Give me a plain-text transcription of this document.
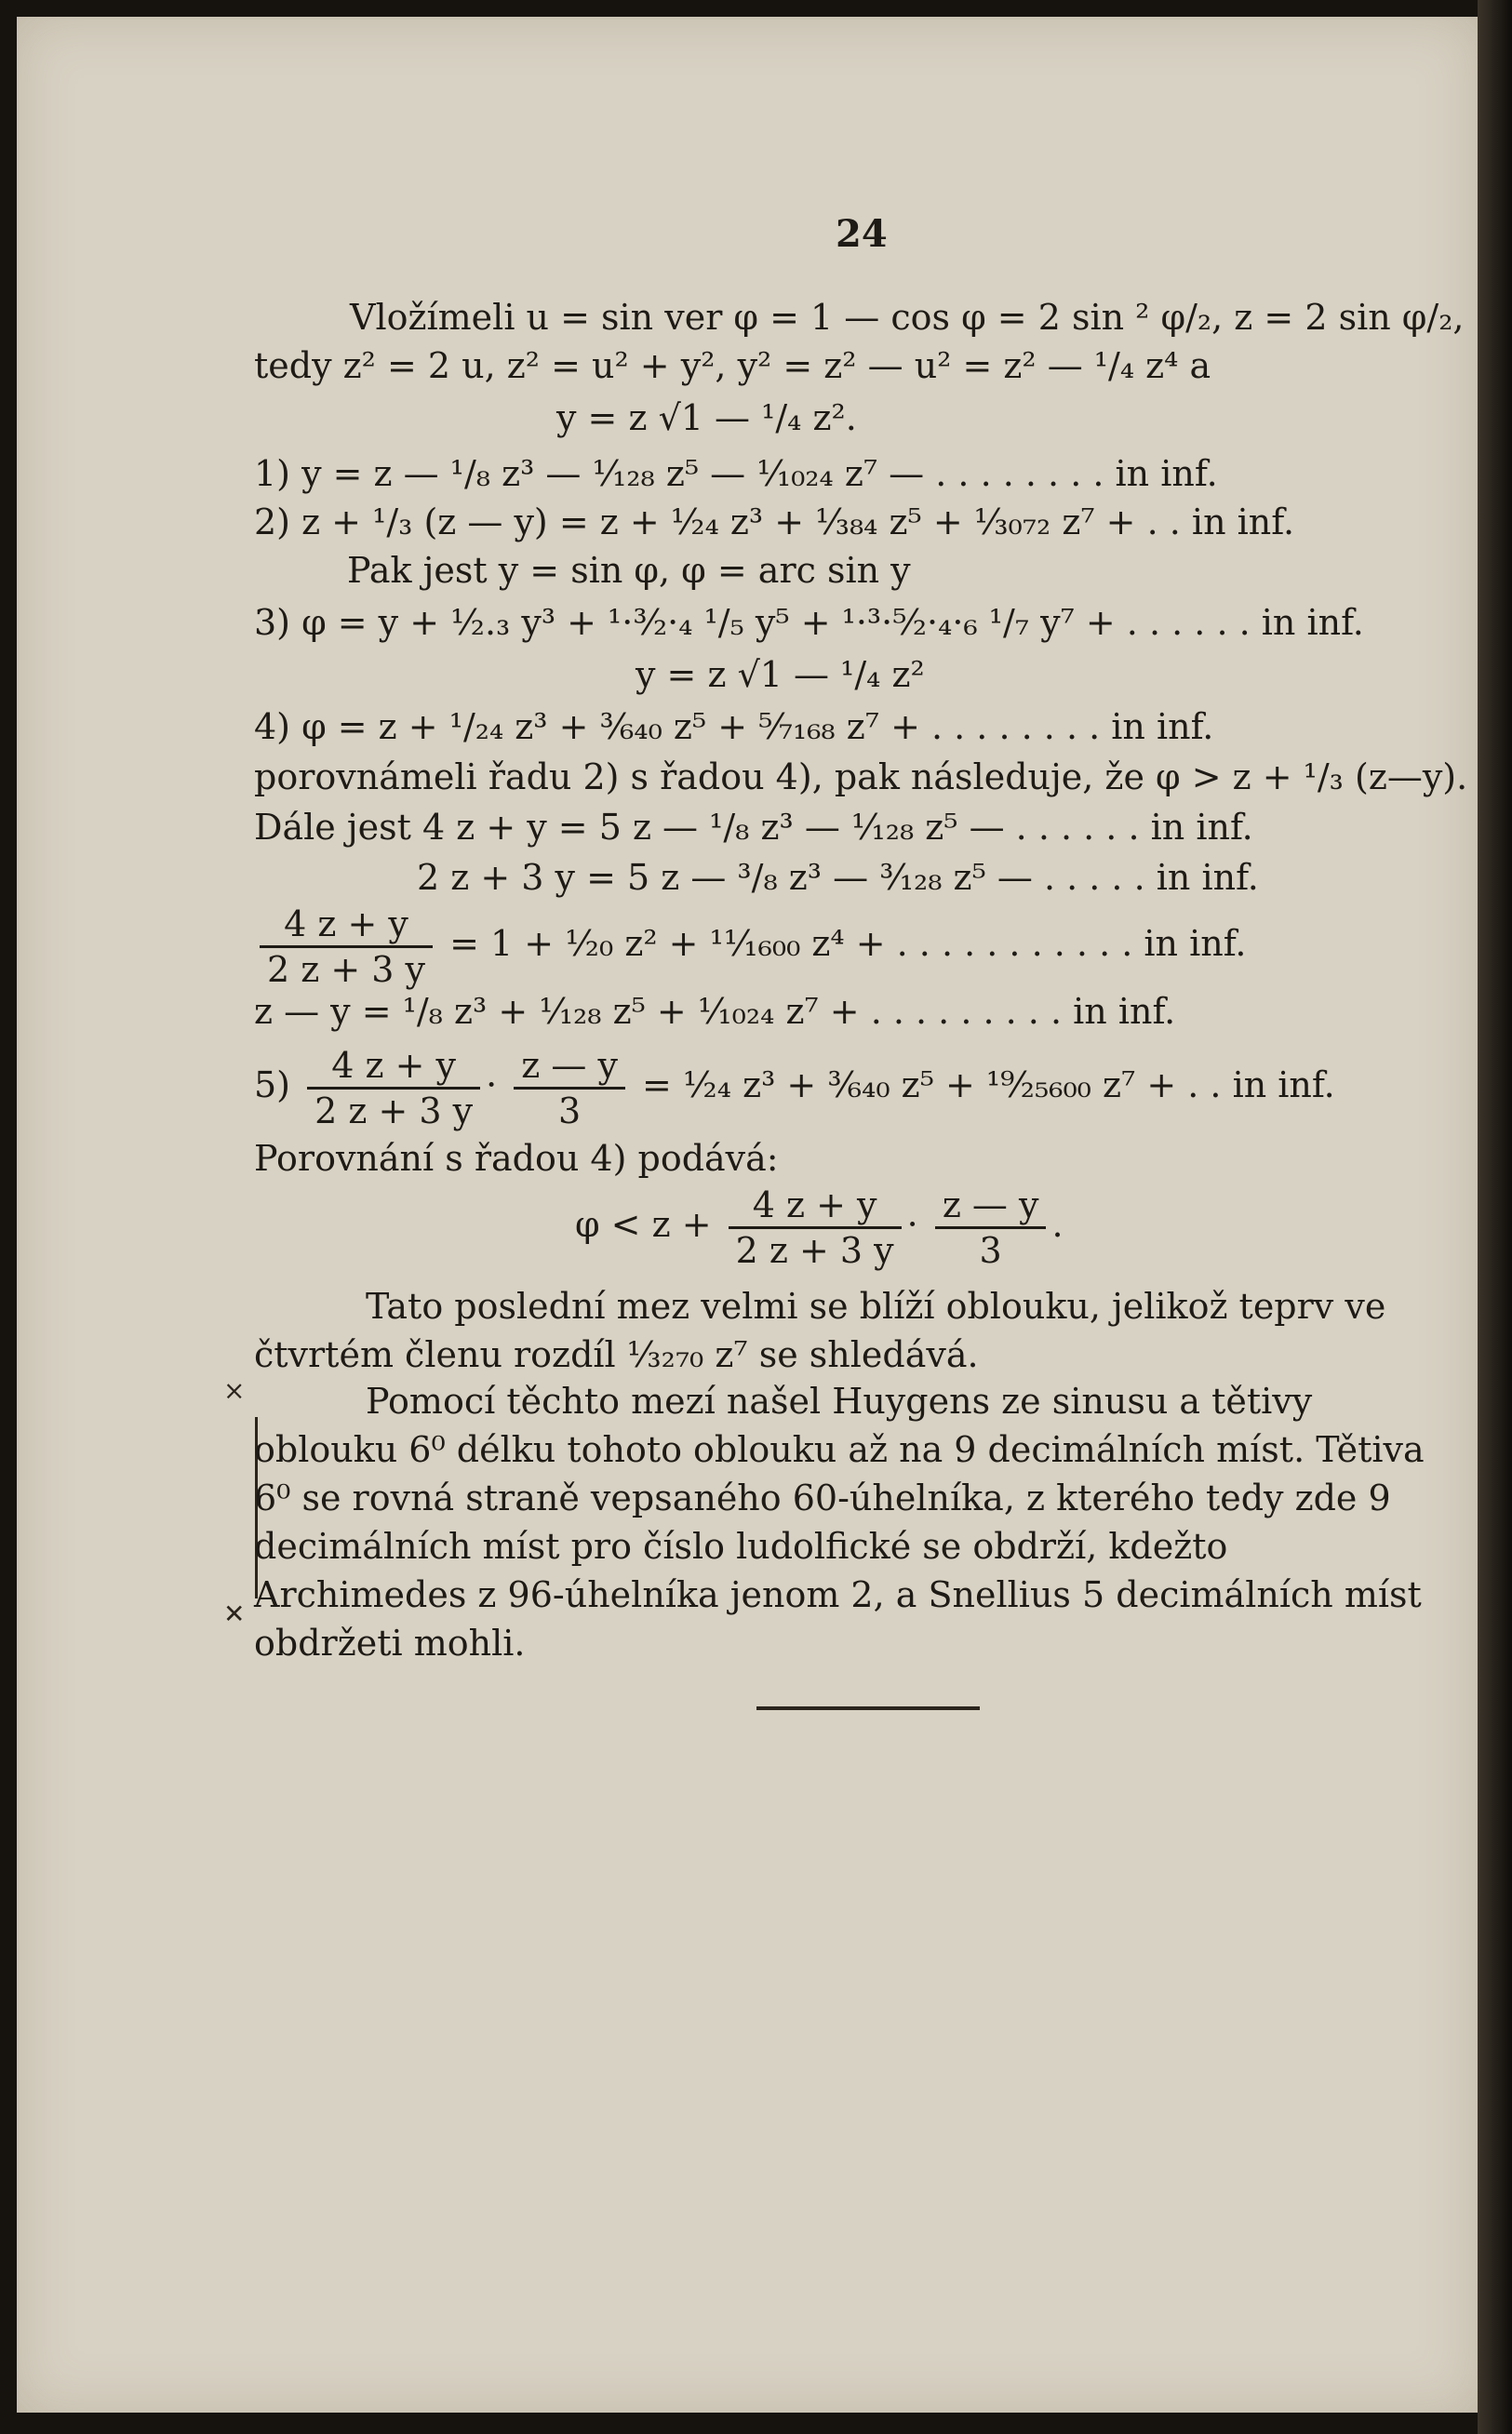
24
Vložímeli u = sin ver φ = 1 — cos φ = 2 sin ² φ/₂, z = 2 sin φ/₂,
tedy z² = 2 u, z² = u² + y², y² = z² — u² = z² — ¹/₄ z⁴ a
y = z √1 — ¹/₄ z².
1) y = z — ¹/₈ z³ — ¹⁄₁₂₈ z⁵ — ¹⁄₁₀₂₄ z⁷ — . . . . . . . . in inf.
2) z + ¹/₃ (z — y) = z + ¹⁄₂₄ z³ + ¹⁄₃₈₄ z⁵ + ¹⁄₃₀₇₂ z⁷ + . . in inf.
Pak jest y = sin φ, φ = arc sin y
3) φ = y + ¹⁄₂.₃ y³ + ¹·³⁄₂·₄ ¹/₅ y⁵ + ¹·³·⁵⁄₂·₄·₆ ¹/₇ y⁷ + . . . . . . in inf.
y = z √1 — ¹/₄ z²
4) φ = z + ¹/₂₄ z³ + ³⁄₆₄₀ z⁵ + ⁵⁄₇₁₆₈ z⁷ + . . . . . . . . in inf.
porovnámeli řadu 2) s řadou 4), pak následuje, že φ > z + ¹/₃ (z—y).
Dále jest 4 z + y = 5 z — ¹/₈ z³ — ¹⁄₁₂₈ z⁵ — . . . . . . in inf.
2 z + 3 y = 5 z — ³/₈ z³ — ³⁄₁₂₈ z⁵ — . . . . . in inf.
$\frac{4 z + y}{2 z + 3 y} = 1$ + ¹⁄₂₀ z² + ¹¹⁄₁₆₀₀ z⁴ + . . . . . . . . . . . in inf.
z — y = ¹/₈ z³ + ¹⁄₁₂₈ z⁵ + ¹⁄₁₀₂₄ z⁷ + . . . . . . . . . in inf.
$5) \frac{4 z + y}{2 z + 3 y} \cdot \frac{z — y}{3}$ = ¹⁄₂₄ z³ + ³⁄₆₄₀ z⁵ + ¹⁹⁄₂₅₆₀₀ z⁷ + . . in inf.
Porovnání s řadou 4) podává:
$\varphi < z + \frac{4 z + y}{2 z + 3 y} \cdot \frac{z — y}{3}$ .
Tato poslední mez velmi se blíží oblouku, jelikož teprv ve čtvrtém členu rozdíl ¹⁄₃₂₇₀ z⁷ se shledává.
×	Pomocí těchto mezí našel Huygens ze sinusu a tětivy oblouku 6⁰ délku tohoto oblouku až na 9 decimálních míst. Tětiva 6⁰ se rovná straně vepsaného 60-úhelníka, z kterého tedy zde 9 decimálních míst pro číslo ludolfické se obdrží, kdežto Archimedes z 96-úhelníka jenom 2, a Snellius 5 decimálních míst obdržeti mohli.
✕
